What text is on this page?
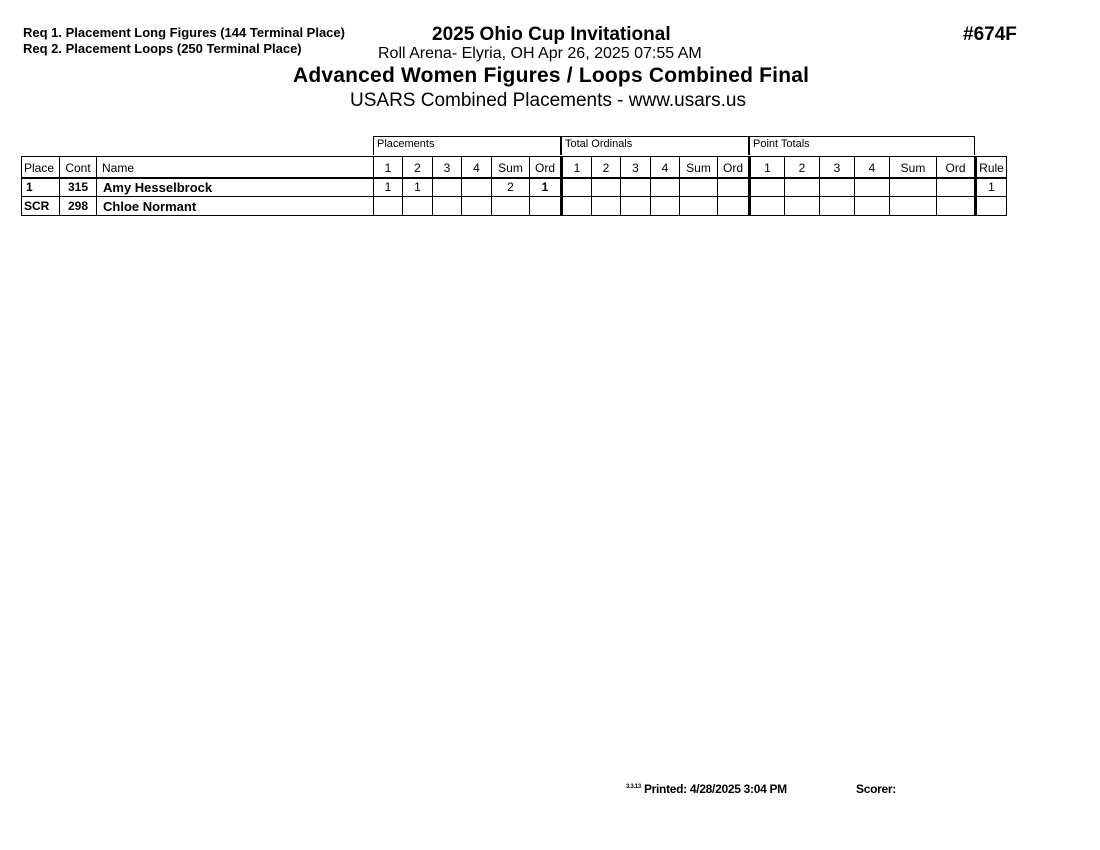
Req 1. Placement Long Figures (144 Terminal Place)
Req 2. Placement Loops (250 Terminal Place)
2025 Ohio Cup Invitational
Roll Arena- Elyria, OH Apr 26, 2025 07:55 AM
#674F
Advanced Women Figures / Loops Combined Final
USARS Combined Placements - www.usars.us
Placements	Total Ordinals	Point Totals
Place	Cont	Name	1	2	3	4	Sum	Ord	1	2	3	4	Sum	Ord	1	2	3	4	Sum	Ord	Rule
1	315	Amy Hesselbrock	1	1			2	1													1
SCR	298	Chloe Normant																			
$^{3.3.13}$ Printed: 4/28/2025 3:04 PM	Scorer:
